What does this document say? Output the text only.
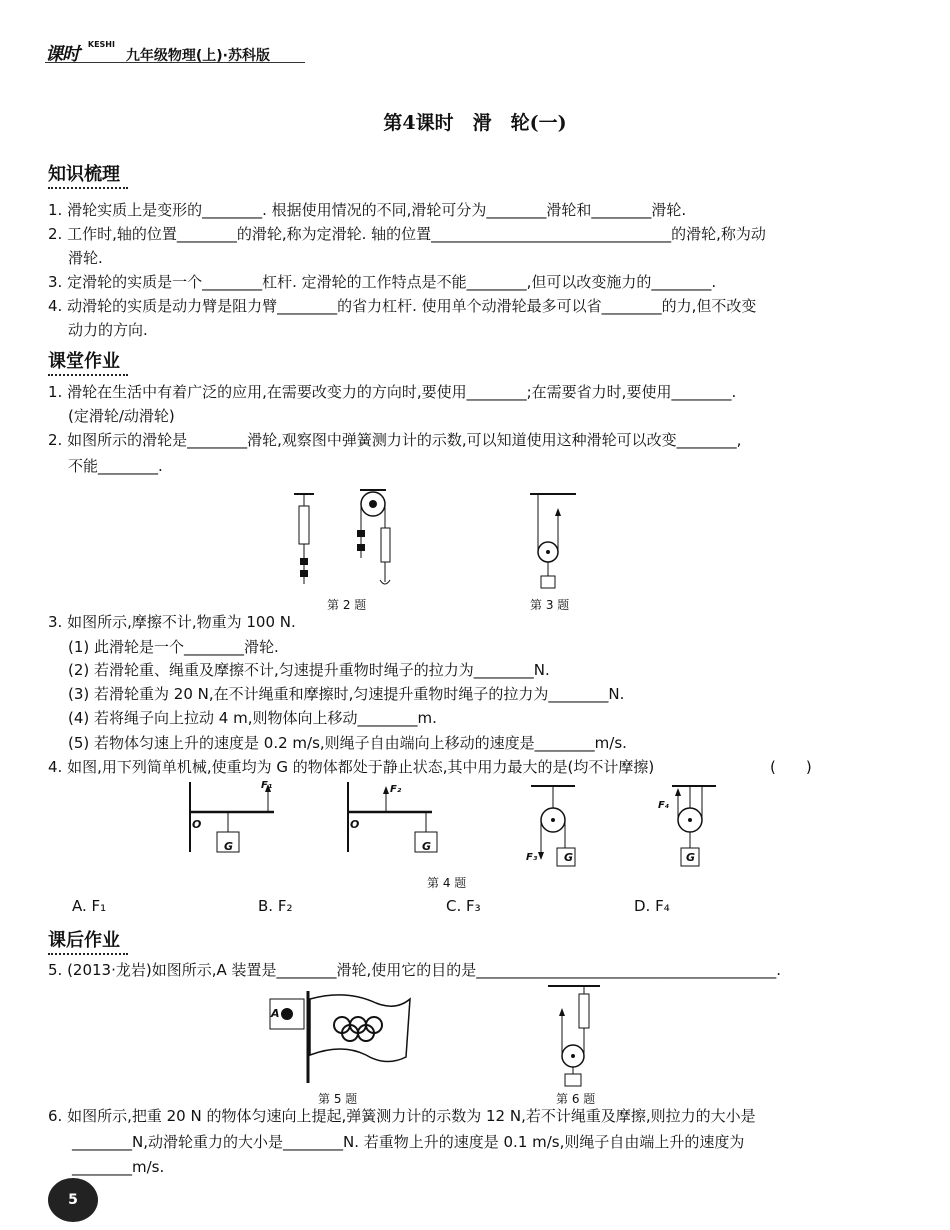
课时 KESHI 九年级物理(上)·苏科版
第4课时　滑　轮(一)
知识梳理
1. 滑轮实质上是变形的________. 根据使用情况的不同,滑轮可分为________滑轮和________滑轮.
2. 工作时,轴的位置________的滑轮,称为定滑轮. 轴的位置________________________________的滑轮,称为动
滑轮.
3. 定滑轮的实质是一个________杠杆. 定滑轮的工作特点是不能________,但可以改变施力的________.
4. 动滑轮的实质是动力臂是阻力臂________的省力杠杆. 使用单个动滑轮最多可以省________的力,但不改变
动力的方向.
课堂作业
1. 滑轮在生活中有着广泛的应用,在需要改变力的方向时,要使用________;在需要省力时,要使用________.
(定滑轮/动滑轮)
2. 如图所示的滑轮是________滑轮,观察图中弹簧测力计的示数,可以知道使用这种滑轮可以改变________,
不能________.
第 2 题	第 3 题
3. 如图所示,摩擦不计,物重为 100 N.
(1) 此滑轮是一个________滑轮.
(2) 若滑轮重、绳重及摩擦不计,匀速提升重物时绳子的拉力为________N.
(3) 若滑轮重为 20 N,在不计绳重和摩擦时,匀速提升重物时绳子的拉力为________N.
(4) 若将绳子向上拉动 4 m,则物体向上移动________m.
(5) 若物体匀速上升的速度是 0.2 m/s,则绳子自由端向上移动的速度是________m/s.
4. 如图,用下列简单机械,使重均为 G 的物体都处于静止状态,其中用力最大的是(均不计摩擦)	(　　)
F₁
O
G
F₂
O
G
F₃ G
F₄
G
第 4 题
A. F₁	B. F₂	C. F₃	D. F₄
课后作业
5. (2013·龙岩)如图所示,A 装置是________滑轮,使用它的目的是________________________________________.
A
第 5 题	第 6 题
6. 如图所示,把重 20 N 的物体匀速向上提起,弹簧测力计的示数为 12 N,若不计绳重及摩擦,则拉力的大小是
________N,动滑轮重力的大小是________N. 若重物上升的速度是 0.1 m/s,则绳子自由端上升的速度为
________m/s.
5
